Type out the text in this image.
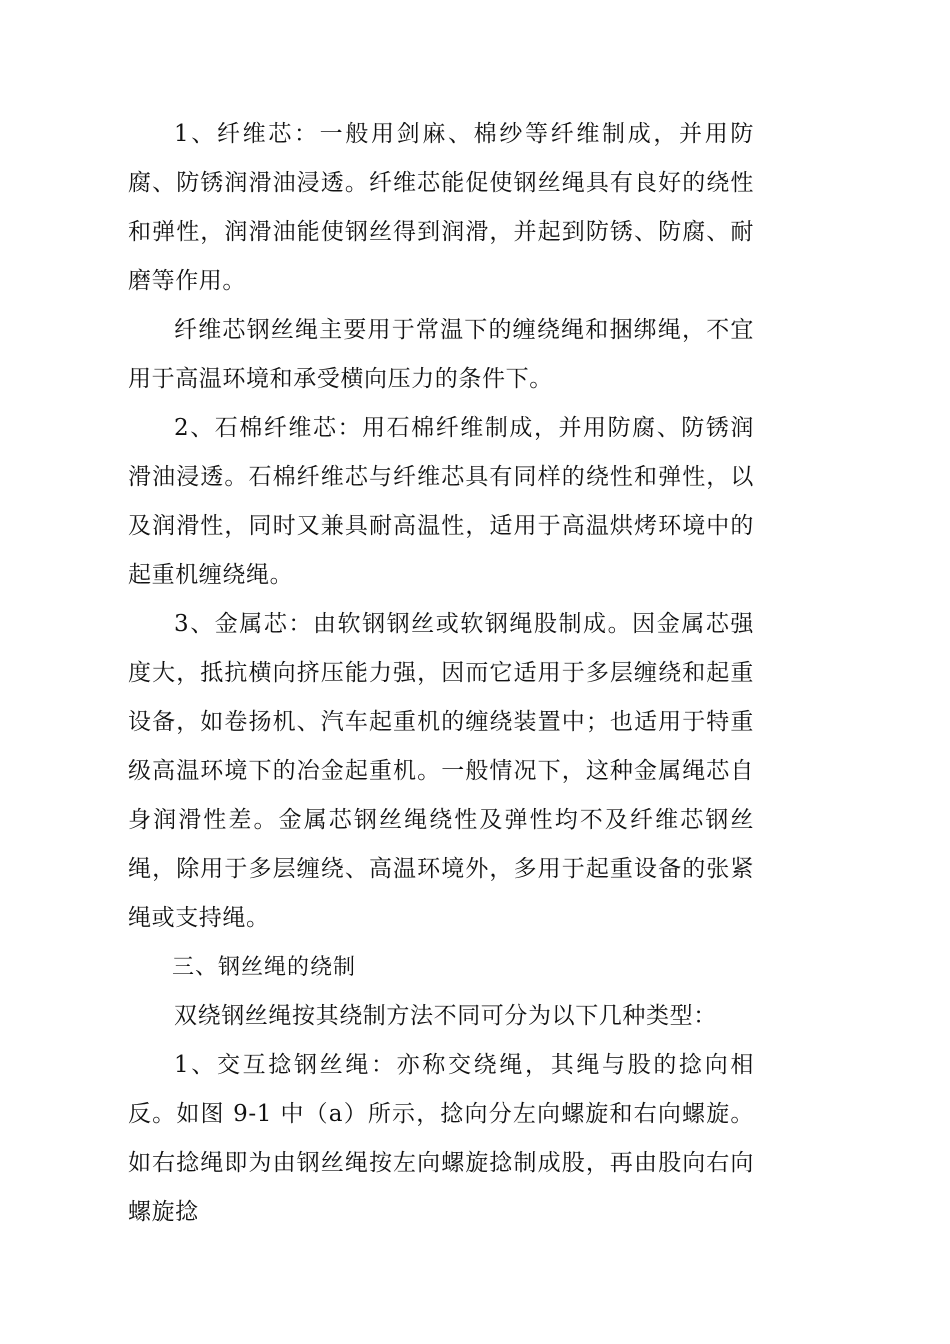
1、纤维芯：一般用剑麻、棉纱等纤维制成，并用防腐、防锈润滑油浸透。纤维芯能促使钢丝绳具有良好的绕性和弹性，润滑油能使钢丝得到润滑，并起到防锈、防腐、耐磨等作用。

纤维芯钢丝绳主要用于常温下的缠绕绳和捆绑绳，不宜用于高温环境和承受横向压力的条件下。

2、石棉纤维芯：用石棉纤维制成，并用防腐、防锈润滑油浸透。石棉纤维芯与纤维芯具有同样的绕性和弹性，以及润滑性，同时又兼具耐高温性，适用于高温烘烤环境中的起重机缠绕绳。

3、金属芯：由软钢钢丝或软钢绳股制成。因金属芯强度大，抵抗横向挤压能力强，因而它适用于多层缠绕和起重设备，如卷扬机、汽车起重机的缠绕装置中；也适用于特重级高温环境下的冶金起重机。一般情况下，这种金属绳芯自身润滑性差。金属芯钢丝绳绕性及弹性均不及纤维芯钢丝绳，除用于多层缠绕、高温环境外，多用于起重设备的张紧绳或支持绳。

三、钢丝绳的绕制

双绕钢丝绳按其绕制方法不同可分为以下几种类型：

1、交互捻钢丝绳：亦称交绕绳，其绳与股的捻向相反。如图 9-1 中（a）所示，捻向分左向螺旋和右向螺旋。如右捻绳即为由钢丝绳按左向螺旋捻制成股，再由股向右向螺旋捻
